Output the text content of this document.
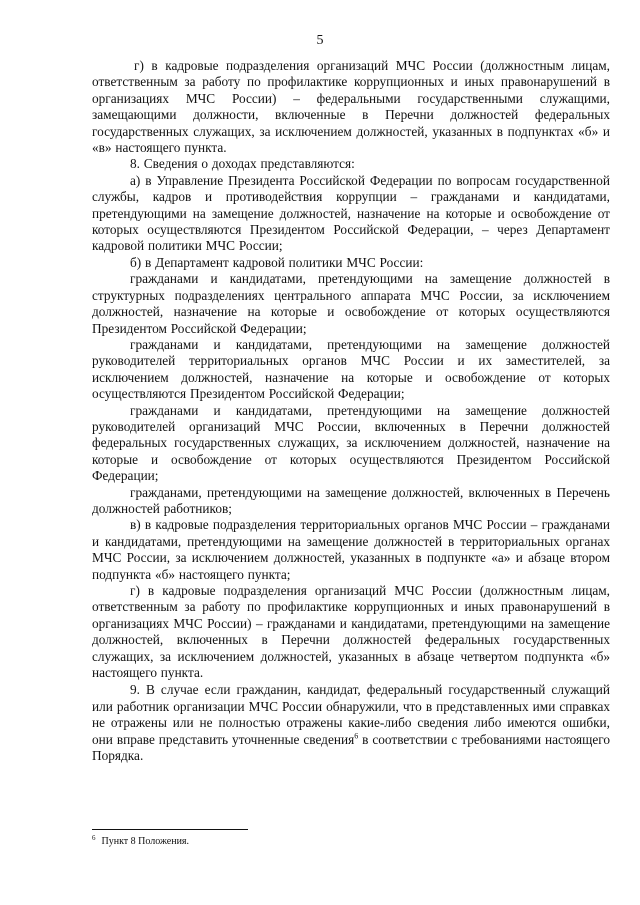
5

г) в кадровые подразделения организаций МЧС России (должностным лицам, ответственным за работу по профилактике коррупционных и иных правонарушений в организациях МЧС России) – федеральными государственными служащими, замещающими должности, включенные в Перечни должностей федеральных государственных служащих, за исключением должностей, указанных в подпунктах «б» и «в» настоящего пункта.

8. Сведения о доходах представляются:

а) в Управление Президента Российской Федерации по вопросам государственной службы, кадров и противодействия коррупции – гражданами и кандидатами, претендующими на замещение должностей, назначение на которые и освобождение от которых осуществляются Президентом Российской Федерации, – через Департамент кадровой политики МЧС России;

б) в Департамент кадровой политики МЧС России:

гражданами и кандидатами, претендующими на замещение должностей в структурных подразделениях центрального аппарата МЧС России, за исключением должностей, назначение на которые и освобождение от которых осуществляются Президентом Российской Федерации;

гражданами и кандидатами, претендующими на замещение должностей руководителей территориальных органов МЧС России и их заместителей, за исключением должностей, назначение на которые и освобождение от которых осуществляются Президентом Российской Федерации;

гражданами и кандидатами, претендующими на замещение должностей руководителей организаций МЧС России, включенных в Перечни должностей федеральных государственных служащих, за исключением должностей, назначение на которые и освобождение от которых осуществляются Президентом Российской Федерации;

гражданами, претендующими на замещение должностей, включенных в Перечень должностей работников;

в) в кадровые подразделения территориальных органов МЧС России – гражданами и кандидатами, претендующими на замещение должностей в территориальных органах МЧС России, за исключением должностей, указанных в подпункте «а» и абзаце втором подпункта «б» настоящего пункта;

г) в кадровые подразделения организаций МЧС России (должностным лицам, ответственным за работу по профилактике коррупционных и иных правонарушений в организациях МЧС России) – гражданами и кандидатами, претендующими на замещение должностей, включенных в Перечни должностей федеральных государственных служащих, за исключением должностей, указанных в абзаце четвертом подпункта «б» настоящего пункта.

9. В случае если гражданин, кандидат, федеральный государственный служащий или работник организации МЧС России обнаружили, что в представленных ими справках не отражены или не полностью отражены какие-либо сведения либо имеются ошибки, они вправе представить уточненные сведения$^6$ в соответствии с требованиями настоящего Порядка.

$^6$ Пункт 8 Положения.
